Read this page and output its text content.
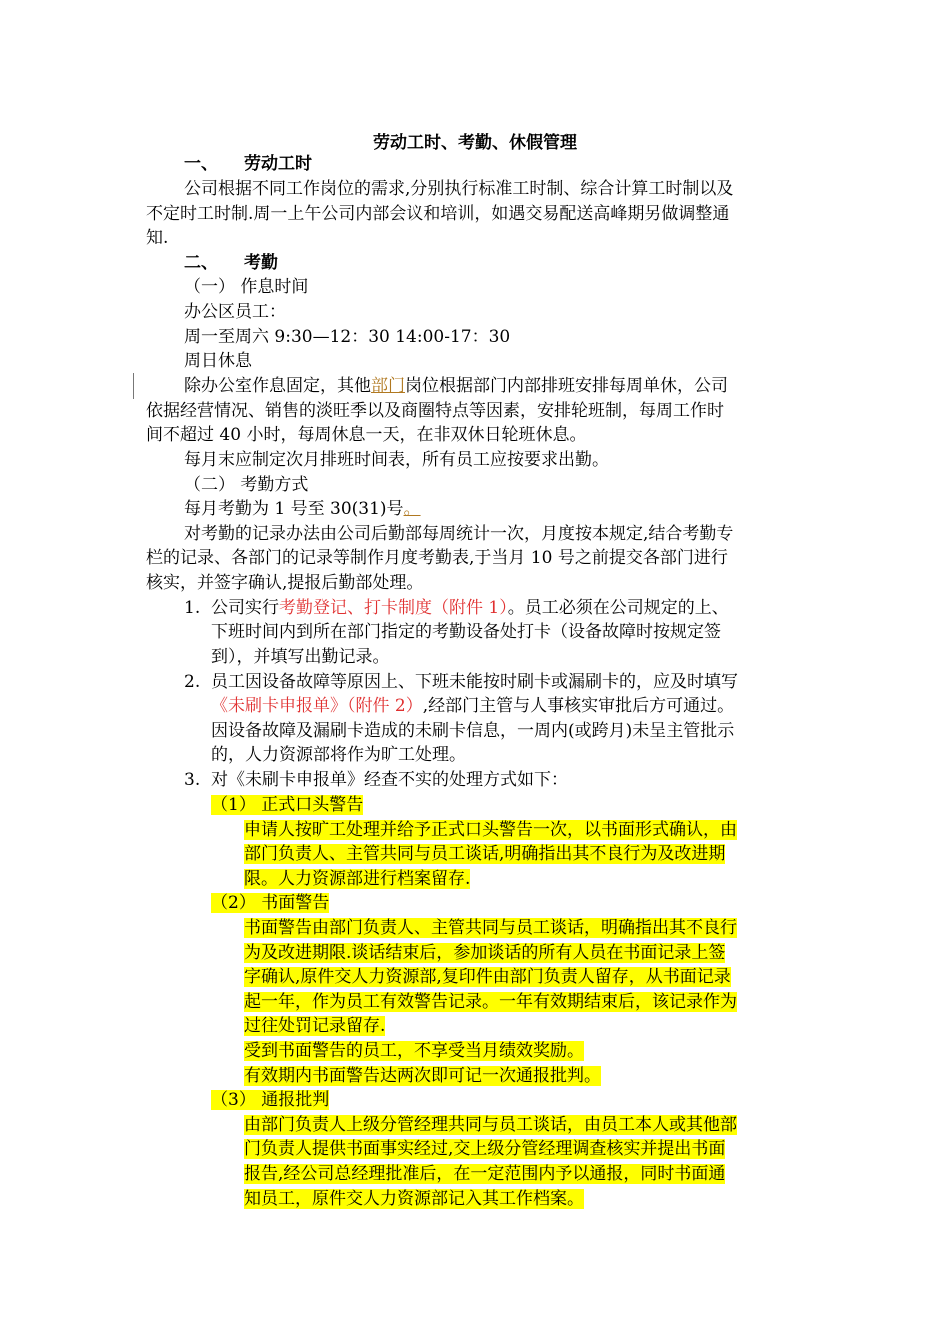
劳动工时、考勤、休假管理
一、 劳动工时
公司根据不同工作岗位的需求,分别执行标准工时制、综合计算工时制以及
不定时工时制.周一上午公司内部会议和培训，如遇交易配送高峰期另做调整通
知.
二、 考勤
（一） 作息时间
办公区员工：
周一至周六 9:30—12：30 14:00-17：30
周日休息
除办公室作息固定，其他部门岗位根据部门内部排班安排每周单休，公司
依据经营情况、销售的淡旺季以及商圈特点等因素，安排轮班制，每周工作时
间不超过 40 小时，每周休息一天，在非双休日轮班休息。
每月末应制定次月排班时间表，所有员工应按要求出勤。
（二） 考勤方式
每月考勤为 1 号至 30(31)号。
对考勤的记录办法由公司后勤部每周统计一次，月度按本规定,结合考勤专
栏的记录、各部门的记录等制作月度考勤表,于当月 10 号之前提交各部门进行
核实，并签字确认,提报后勤部处理。
1. 公司实行考勤登记、打卡制度（附件 1）。员工必须在公司规定的上、
下班时间内到所在部门指定的考勤设备处打卡（设备故障时按规定签
到），并填写出勤记录。
2. 员工因设备故障等原因上、下班未能按时刷卡或漏刷卡的，应及时填写
《未刷卡申报单》（附件 2）,经部门主管与人事核实审批后方可通过。
因设备故障及漏刷卡造成的未刷卡信息，一周内(或跨月)未呈主管批示
的，人力资源部将作为旷工处理。
3. 对《未刷卡申报单》经查不实的处理方式如下：
（1） 正式口头警告
申请人按旷工处理并给予正式口头警告一次，以书面形式确认，由
部门负责人、主管共同与员工谈话,明确指出其不良行为及改进期
限。人力资源部进行档案留存.
（2） 书面警告
书面警告由部门负责人、主管共同与员工谈话，明确指出其不良行
为及改进期限.谈话结束后，参加谈话的所有人员在书面记录上签
字确认,原件交人力资源部,复印件由部门负责人留存，从书面记录
起一年，作为员工有效警告记录。一年有效期结束后，该记录作为
过往处罚记录留存.
受到书面警告的员工，不享受当月绩效奖励。
有效期内书面警告达两次即可记一次通报批判。
（3） 通报批判
由部门负责人上级分管经理共同与员工谈话，由员工本人或其他部
门负责人提供书面事实经过,交上级分管经理调查核实并提出书面
报告,经公司总经理批准后，在一定范围内予以通报，同时书面通
知员工，原件交人力资源部记入其工作档案。
